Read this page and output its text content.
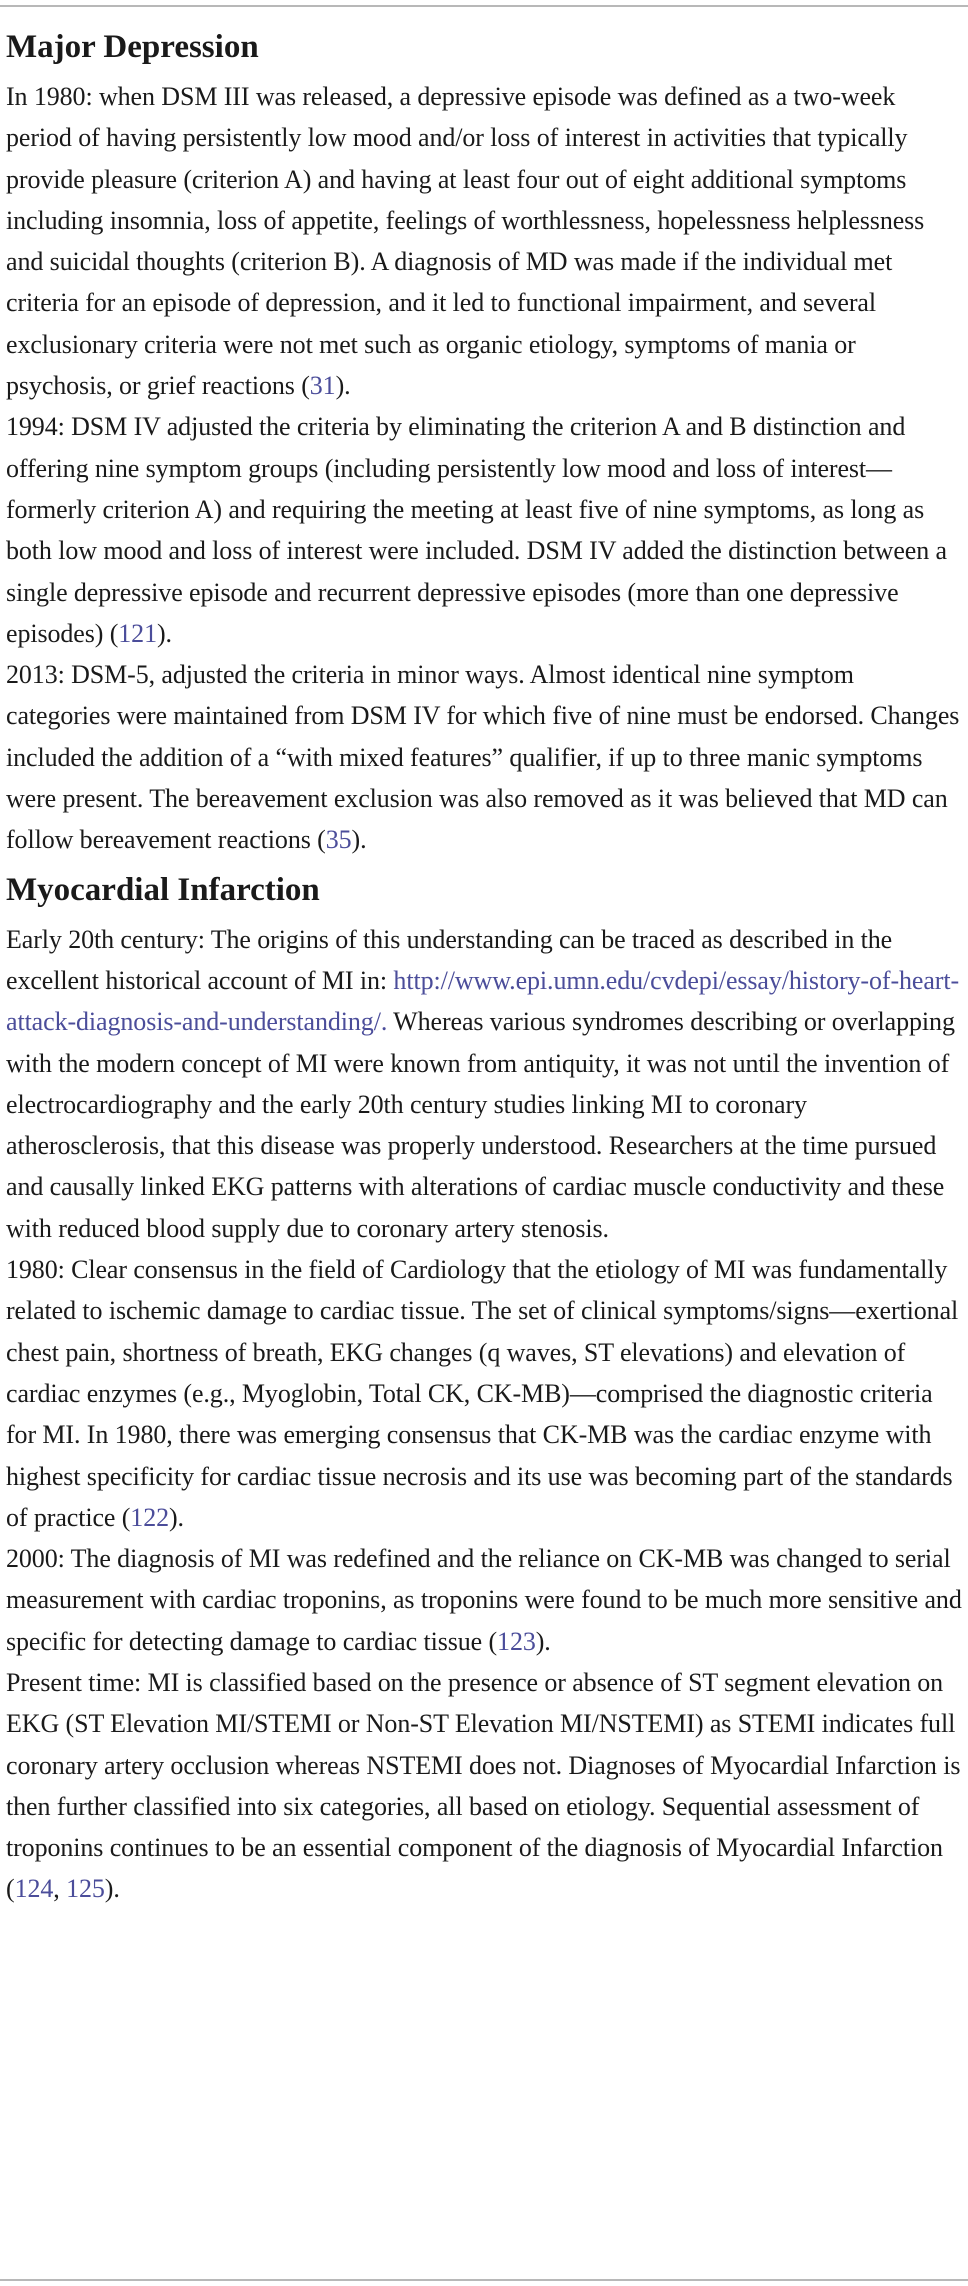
Major Depression

In 1980: when DSM III was released, a depressive episode was defined as a two-week period of having persistently low mood and/or loss of interest in activities that typically provide pleasure (criterion A) and having at least four out of eight additional symptoms including insomnia, loss of appetite, feelings of worthlessness, hopelessness helplessness and suicidal thoughts (criterion B). A diagnosis of MD was made if the individual met criteria for an episode of depression, and it led to functional impairment, and several exclusionary criteria were not met such as organic etiology, symptoms of mania or psychosis, or grief reactions (31).

1994: DSM IV adjusted the criteria by eliminating the criterion A and B distinction and offering nine symptom groups (including persistently low mood and loss of interest—formerly criterion A) and requiring the meeting at least five of nine symptoms, as long as both low mood and loss of interest were included. DSM IV added the distinction between a single depressive episode and recurrent depressive episodes (more than one depressive episodes) (121).

2013: DSM-5, adjusted the criteria in minor ways. Almost identical nine symptom categories were maintained from DSM IV for which five of nine must be endorsed. Changes included the addition of a “with mixed features” qualifier, if up to three manic symptoms were present. The bereavement exclusion was also removed as it was believed that MD can follow bereavement reactions (35).

Myocardial Infarction

Early 20th century: The origins of this understanding can be traced as described in the excellent historical account of MI in: http://www.epi.umn.edu/cvdepi/essay/history-of-heart-attack-diagnosis-and-understanding/. Whereas various syndromes describing or overlapping with the modern concept of MI were known from antiquity, it was not until the invention of electrocardiography and the early 20th century studies linking MI to coronary atherosclerosis, that this disease was properly understood. Researchers at the time pursued and causally linked EKG patterns with alterations of cardiac muscle conductivity and these with reduced blood supply due to coronary artery stenosis.

1980: Clear consensus in the field of Cardiology that the etiology of MI was fundamentally related to ischemic damage to cardiac tissue. The set of clinical symptoms/signs—exertional chest pain, shortness of breath, EKG changes (q waves, ST elevations) and elevation of cardiac enzymes (e.g., Myoglobin, Total CK, CK-MB)—comprised the diagnostic criteria for MI. In 1980, there was emerging consensus that CK-MB was the cardiac enzyme with highest specificity for cardiac tissue necrosis and its use was becoming part of the standards of practice (122).

2000: The diagnosis of MI was redefined and the reliance on CK-MB was changed to serial measurement with cardiac troponins, as troponins were found to be much more sensitive and specific for detecting damage to cardiac tissue (123).

Present time: MI is classified based on the presence or absence of ST segment elevation on EKG (ST Elevation MI/STEMI or Non-ST Elevation MI/NSTEMI) as STEMI indicates full coronary artery occlusion whereas NSTEMI does not. Diagnoses of Myocardial Infarction is then further classified into six categories, all based on etiology. Sequential assessment of troponins continues to be an essential component of the diagnosis of Myocardial Infarction (124, 125).
